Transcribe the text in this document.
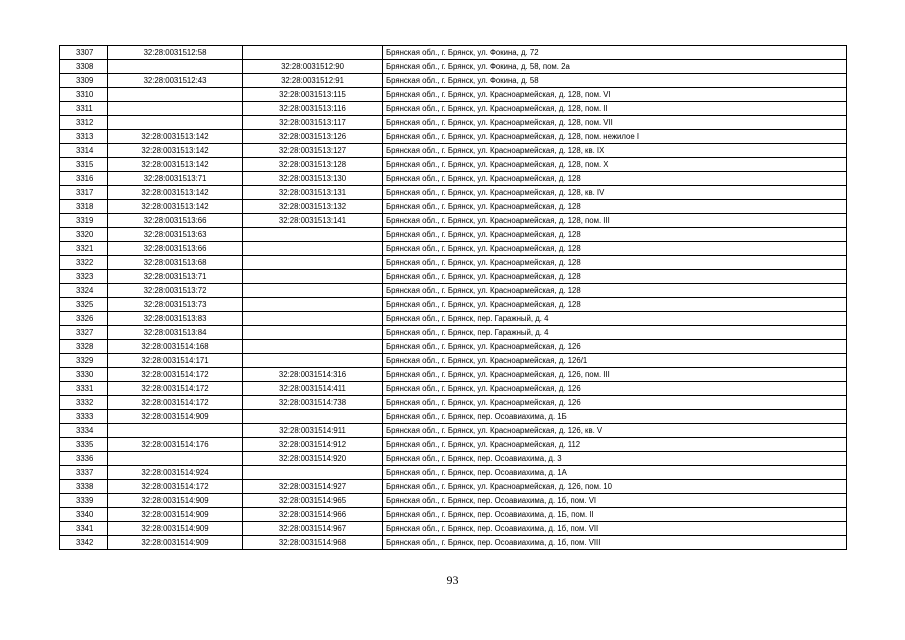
3307	32:28:0031512:58		Брянская обл., г. Брянск, ул. Фокина, д. 72
3308		32:28:0031512:90	Брянская обл., г. Брянск, ул. Фокина, д. 58, пом. 2а
3309	32:28:0031512:43	32:28:0031512:91	Брянская обл., г. Брянск, ул. Фокина, д. 58
3310		32:28:0031513:115	Брянская обл., г. Брянск, ул. Красноармейская, д. 128, пом. VI
3311		32:28:0031513:116	Брянская обл., г. Брянск, ул. Красноармейская, д. 128, пом. II
3312		32:28:0031513:117	Брянская обл., г. Брянск, ул. Красноармейская, д. 128, пом. VII
3313	32:28:0031513:142	32:28:0031513:126	Брянская обл., г. Брянск, ул. Красноармейская, д. 128, пом. нежилое I
3314	32:28:0031513:142	32:28:0031513:127	Брянская обл., г. Брянск, ул. Красноармейская, д. 128, кв. IX
3315	32:28:0031513:142	32:28:0031513:128	Брянская обл., г. Брянск, ул. Красноармейская, д. 128, пом. X
3316	32:28:0031513:71	32:28:0031513:130	Брянская обл., г. Брянск, ул. Красноармейская, д. 128
3317	32:28:0031513:142	32:28:0031513:131	Брянская обл., г. Брянск, ул. Красноармейская, д. 128, кв. IV
3318	32:28:0031513:142	32:28:0031513:132	Брянская обл., г. Брянск, ул. Красноармейская, д. 128
3319	32:28:0031513:66	32:28:0031513:141	Брянская обл., г. Брянск, ул. Красноармейская, д. 128, пом. III
3320	32:28:0031513:63		Брянская обл., г. Брянск, ул. Красноармейская, д. 128
3321	32:28:0031513:66		Брянская обл., г. Брянск, ул. Красноармейская, д. 128
3322	32:28:0031513:68		Брянская обл., г. Брянск, ул. Красноармейская, д. 128
3323	32:28:0031513:71		Брянская обл., г. Брянск, ул. Красноармейская, д. 128
3324	32:28:0031513:72		Брянская обл., г. Брянск, ул. Красноармейская, д. 128
3325	32:28:0031513:73		Брянская обл., г. Брянск, ул. Красноармейская, д. 128
3326	32:28:0031513:83		Брянская обл., г. Брянск, пер. Гаражный, д. 4
3327	32:28:0031513:84		Брянская обл., г. Брянск, пер. Гаражный, д. 4
3328	32:28:0031514:168		Брянская обл., г. Брянск, ул. Красноармейская, д. 126
3329	32:28:0031514:171		Брянская обл., г. Брянск, ул. Красноармейская, д. 126/1
3330	32:28:0031514:172	32:28:0031514:316	Брянская обл., г. Брянск, ул. Красноармейская, д. 126, пом. III
3331	32:28:0031514:172	32:28:0031514:411	Брянская обл., г. Брянск, ул. Красноармейская, д. 126
3332	32:28:0031514:172	32:28:0031514:738	Брянская обл., г. Брянск, ул. Красноармейская, д. 126
3333	32:28:0031514:909		Брянская обл., г. Брянск, пер. Осоавиахима, д. 1Б
3334		32:28:0031514:911	Брянская обл., г. Брянск, ул. Красноармейская, д. 126, кв. V
3335	32:28:0031514:176	32:28:0031514:912	Брянская обл., г. Брянск, ул. Красноармейская, д. 112
3336		32:28:0031514:920	Брянская обл., г. Брянск, пер. Осоавиахима, д. 3
3337	32:28:0031514:924		Брянская обл., г. Брянск, пер. Осоавиахима, д. 1А
3338	32:28:0031514:172	32:28:0031514:927	Брянская обл., г. Брянск, ул. Красноармейская, д. 126, пом. 10
3339	32:28:0031514:909	32:28:0031514:965	Брянская обл., г. Брянск, пер. Осоавиахима, д. 1б, пом. VI
3340	32:28:0031514:909	32:28:0031514:966	Брянская обл., г. Брянск, пер. Осоавиахима, д. 1Б, пом. II
3341	32:28:0031514:909	32:28:0031514:967	Брянская обл., г. Брянск, пер. Осоавиахима, д. 1б, пом. VII
3342	32:28:0031514:909	32:28:0031514:968	Брянская обл., г. Брянск, пер. Осоавиахима, д. 1б, пом. VIII
93
